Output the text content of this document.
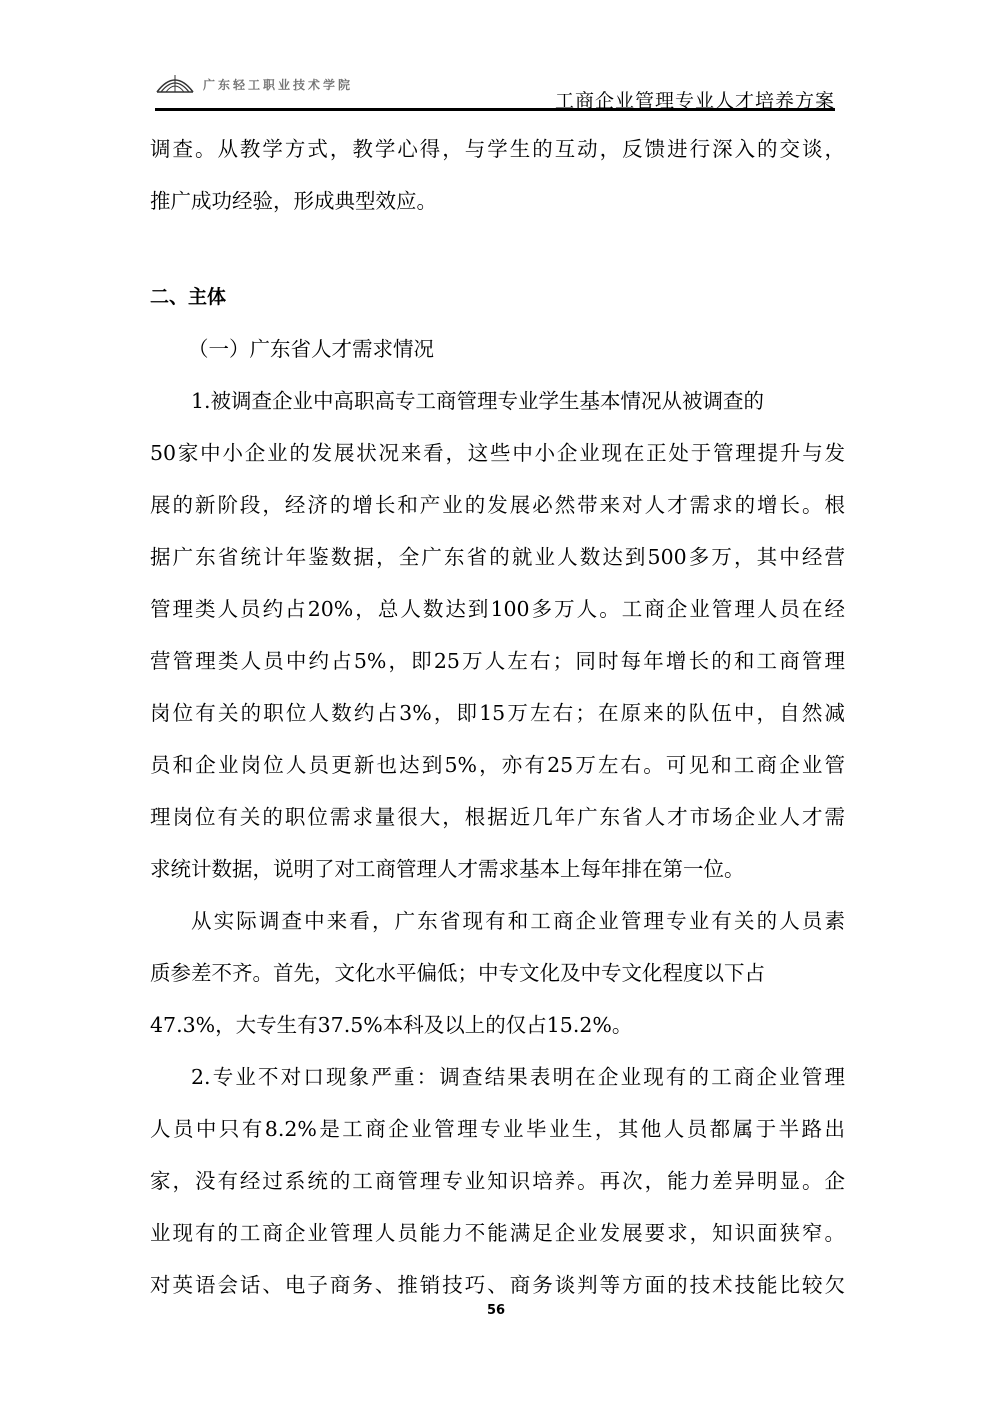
广东轻工职业技术学院
工商企业管理专业人才培养方案
调查。从教学方式，教学心得，与学生的互动，反馈进行深入的交谈，
推广成功经验，形成典型效应。
二、主体
（一）广东省人才需求情况
1.被调查企业中高职高专工商管理专业学生基本情况从被调查的
50家中小企业的发展状况来看，这些中小企业现在正处于管理提升与发
展的新阶段，经济的增长和产业的发展必然带来对人才需求的增长。根
据广东省统计年鉴数据，全广东省的就业人数达到500多万，其中经营
管理类人员约占20%，总人数达到100多万人。工商企业管理人员在经
营管理类人员中约占5%，即25万人左右；同时每年增长的和工商管理
岗位有关的职位人数约占3%，即15万左右；在原来的队伍中，自然减
员和企业岗位人员更新也达到5%，亦有25万左右。可见和工商企业管
理岗位有关的职位需求量很大，根据近几年广东省人才市场企业人才需
求统计数据，说明了对工商管理人才需求基本上每年排在第一位。
从实际调查中来看，广东省现有和工商企业管理专业有关的人员素
质参差不齐。首先，文化水平偏低；中专文化及中专文化程度以下占
47.3%，大专生有37.5%本科及以上的仅占15.2%。
2.专业不对口现象严重：调查结果表明在企业现有的工商企业管理
人员中只有8.2%是工商企业管理专业毕业生，其他人员都属于半路出
家，没有经过系统的工商管理专业知识培养。再次，能力差异明显。企
业现有的工商企业管理人员能力不能满足企业发展要求，知识面狭窄。
对英语会话、电子商务、推销技巧、商务谈判等方面的技术技能比较欠
56
